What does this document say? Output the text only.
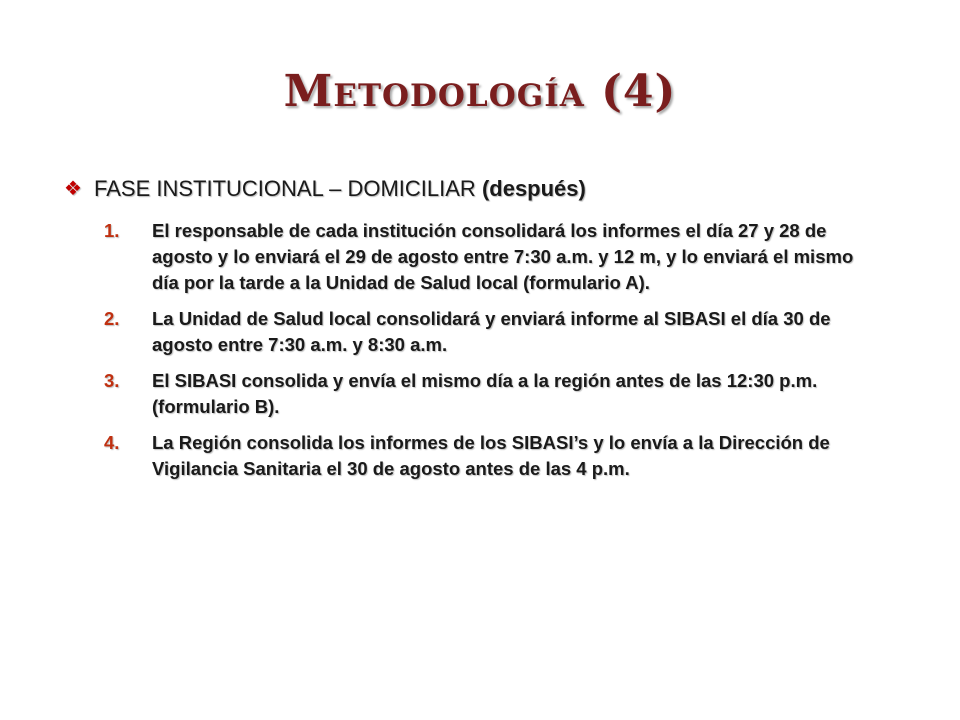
Metodología (4)
❖ FASE INSTITUCIONAL – DOMICILIAR (después)
1.	El responsable de cada institución consolidará los informes el día 27 y 28 de agosto y lo enviará el 29 de agosto entre 7:30 a.m. y 12 m, y lo enviará el mismo día por la tarde a la Unidad de Salud local (formulario A).
2.	La Unidad de Salud local consolidará y enviará informe al SIBASI el día 30 de agosto entre 7:30 a.m. y 8:30 a.m.
3.	El SIBASI consolida y envía el mismo día a la región antes de las 12:30 p.m. (formulario B).
4.	La Región consolida los informes de los SIBASI’s y lo envía a la Dirección de Vigilancia Sanitaria el 30 de agosto antes de las 4 p.m.
